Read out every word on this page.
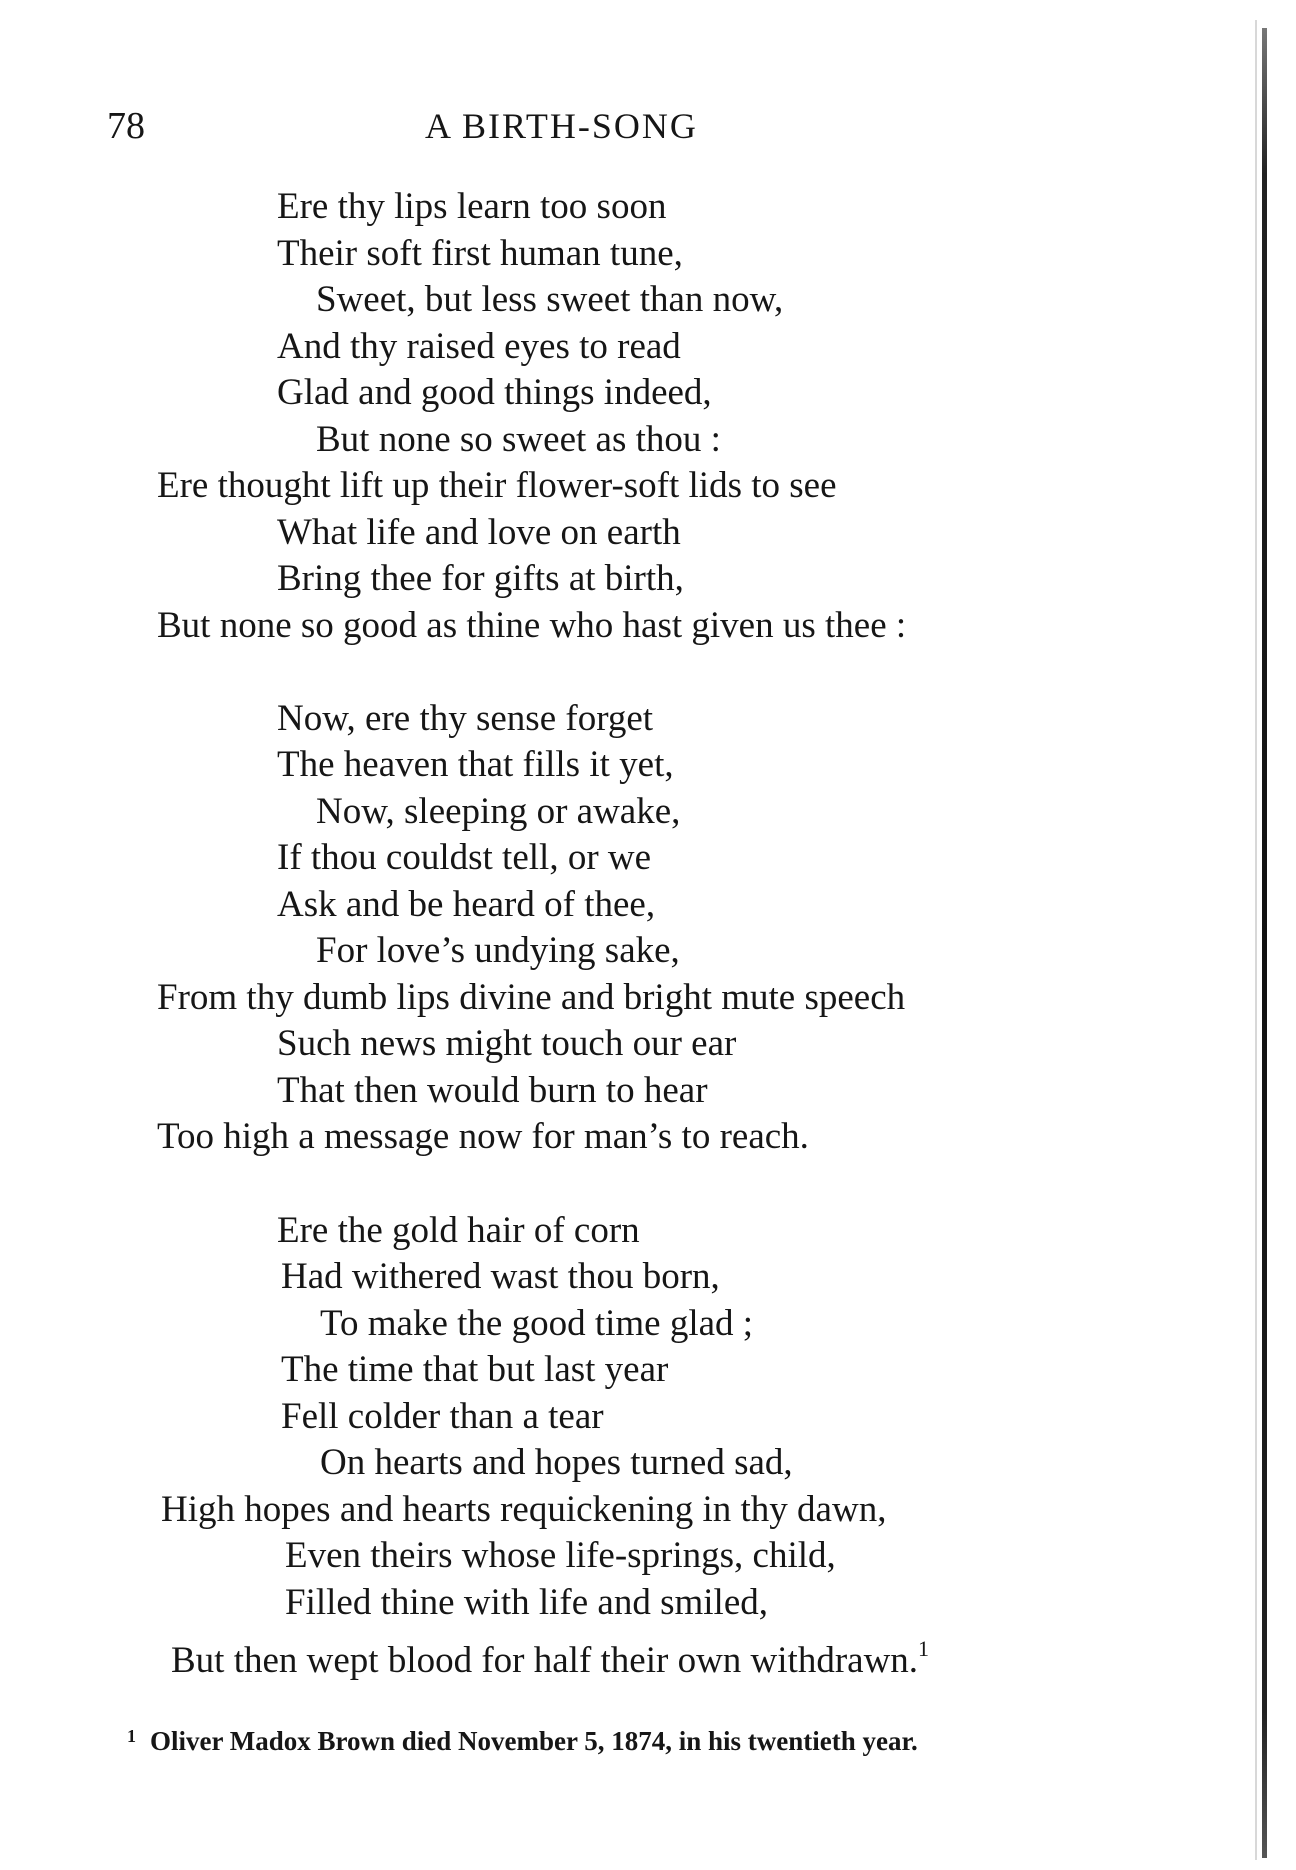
78	A BIRTH-SONG
Ere thy lips learn too soon
Their soft first human tune,
Sweet, but less sweet than now,
And thy raised eyes to read
Glad and good things indeed,
But none so sweet as thou :
Ere thought lift up their flower-soft lids to see
What life and love on earth
Bring thee for gifts at birth,
But none so good as thine who hast given us thee :
Now, ere thy sense forget
The heaven that fills it yet,
Now, sleeping or awake,
If thou couldst tell, or we
Ask and be heard of thee,
For love’s undying sake,
From thy dumb lips divine and bright mute speech
Such news might touch our ear
That then would burn to hear
Too high a message now for man’s to reach.
Ere the gold hair of corn
Had withered wast thou born,
To make the good time glad ;
The time that but last year
Fell colder than a tear
On hearts and hopes turned sad,
High hopes and hearts requickening in thy dawn,
Even theirs whose life-springs, child,
Filled thine with life and smiled,
But then wept blood for half their own withdrawn.$^1$
$^1$ Oliver Madox Brown died November 5, 1874, in his twentieth year.
